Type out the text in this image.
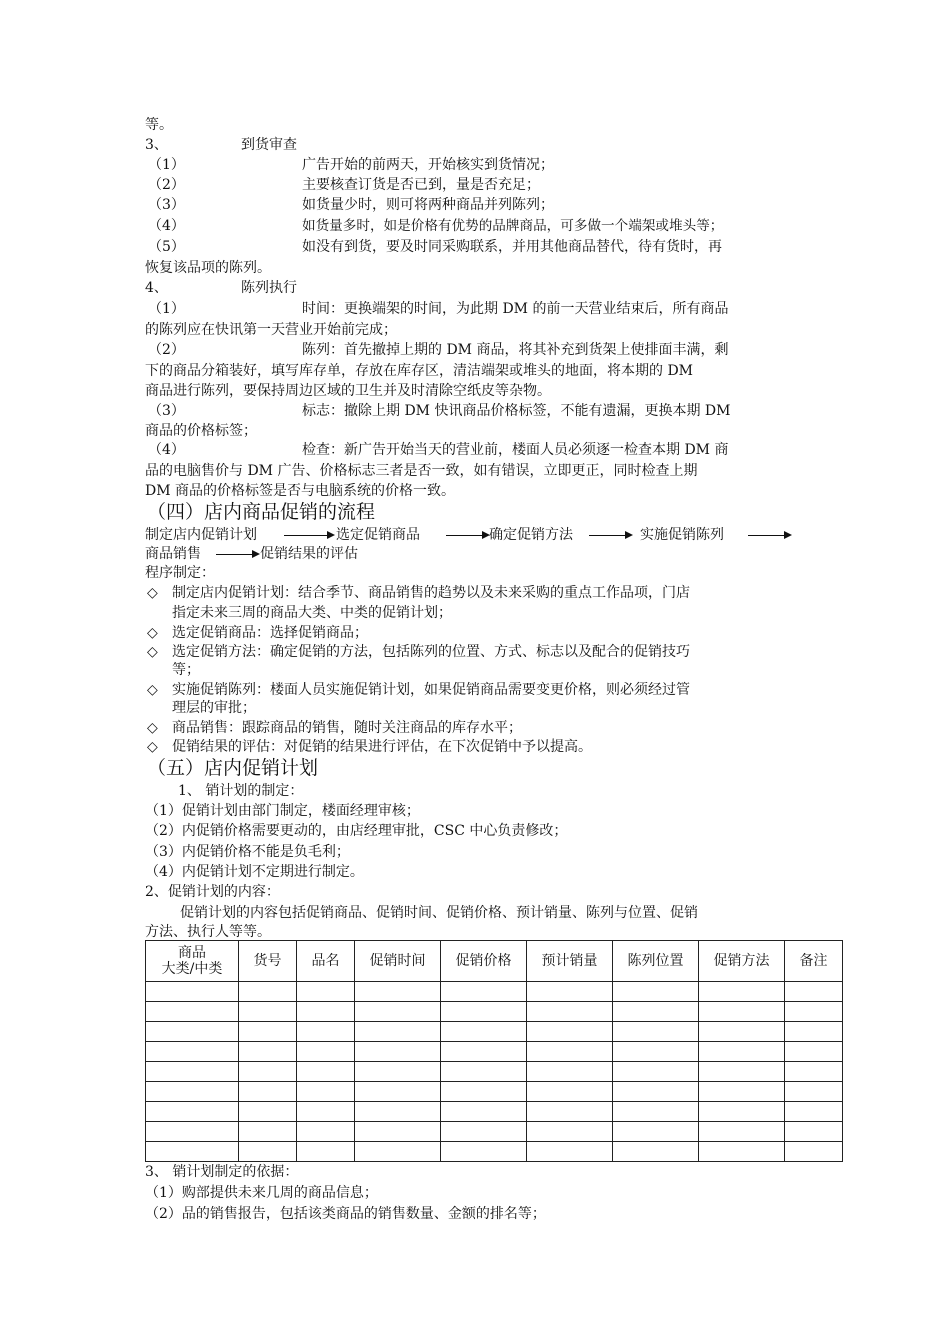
等。
3、	到货审查
（1）	广告开始的前两天，开始核实到货情况；
（2）	主要核查订货是否已到，量是否充足；
（3）	如货量少时，则可将两种商品并列陈列；
（4）	如货量多时，如是价格有优势的品牌商品，可多做一个端架或堆头等；
（5）	如没有到货，要及时同采购联系，并用其他商品替代，待有货时，再
恢复该品项的陈列。
4、	陈列执行
（1）	时间：更换端架的时间，为此期 DM 的前一天营业结束后，所有商品
的陈列应在快讯第一天营业开始前完成；
（2）	陈列：首先撤掉上期的 DM 商品，将其补充到货架上使排面丰满，剩
下的商品分箱装好，填写库存单，存放在库存区，清洁端架或堆头的地面，将本期的 DM
商品进行陈列，要保持周边区域的卫生并及时清除空纸皮等杂物。
（3）	标志：撤除上期 DM 快讯商品价格标签，不能有遗漏，更换本期 DM
商品的价格标签；
（4）	检查：新广告开始当天的营业前，楼面人员必须逐一检查本期 DM 商
品的电脑售价与 DM 广告、价格标志三者是否一致，如有错误，立即更正，同时检查上期
DM 商品的价格标签是否与电脑系统的价格一致。
（四）店内商品促销的流程
制定店内促销计划	选定促销商品	确定促销方法	实施促销陈列
商品销售	促销结果的评估
程序制定：
◇ 制定店内促销计划：结合季节、商品销售的趋势以及未来采购的重点工作品项，门店
指定未来三周的商品大类、中类的促销计划；
◇ 选定促销商品：选择促销商品；
◇ 选定促销方法：确定促销的方法，包括陈列的位置、方式、标志以及配合的促销技巧
等；
◇ 实施促销陈列：楼面人员实施促销计划，如果促销商品需要变更价格，则必须经过管
理层的审批；
◇ 商品销售：跟踪商品的销售，随时关注商品的库存水平；
◇ 促销结果的评估：对促销的结果进行评估，在下次促销中予以提高。
（五）店内促销计划
1、 销计划的制定：
（1）促销计划由部门制定，楼面经理审核；
（2）内促销价格需要更动的，由店经理审批，CSC 中心负责修改；
（3）内促销价格不能是负毛利；
（4）内促销计划不定期进行制定。
2、促销计划的内容：
促销计划的内容包括促销商品、促销时间、促销价格、预计销量、陈列与位置、促销
方法、执行人等等。
商品
大类/中类	货号	品名	促销时间	促销价格	预计销量	陈列位置	促销方法	备注

3、 销计划制定的依据：
（1）购部提供未来几周的商品信息；
（2）品的销售报告，包括该类商品的销售数量、金额的排名等；
